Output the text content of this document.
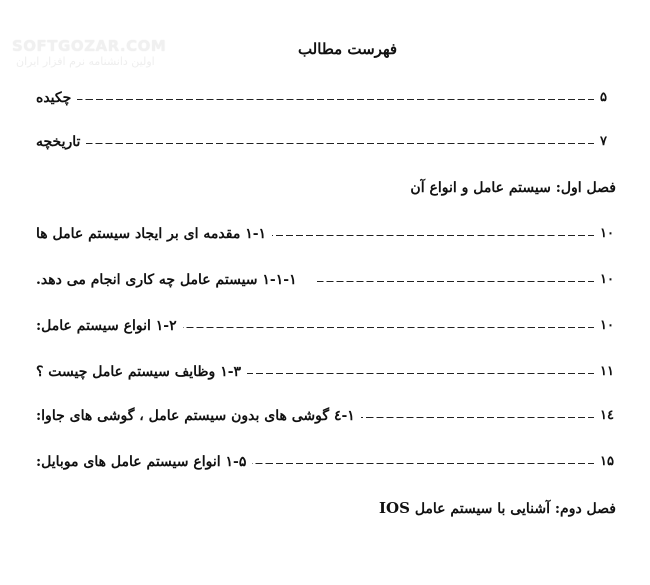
SOFTGOZAR.COM
اولین دانشنامه نرم افزار ایران
فهرست مطالب
چکیده	۵
تاریخچه	۷
فصل اول: سیستم عامل و انواع آن
۱-۱ مقدمه ای بر ایجاد سیستم عامل ها	۱۰
۱-۱-۱ سیستم عامل چه کاری انجام می دهد.	۱۰
۱-۲ انواع سیستم عامل:	۱۰
۱-۳ وظایف سیستم عامل چیست ؟	۱۱
۱-٤ گوشی های بدون سیستم عامل ، گوشی های جاوا:	۱٤
۱-۵ انواع سیستم عامل های موبایل:	۱۵
فصل دوم: آشنایی با سیستم عامل IOS
